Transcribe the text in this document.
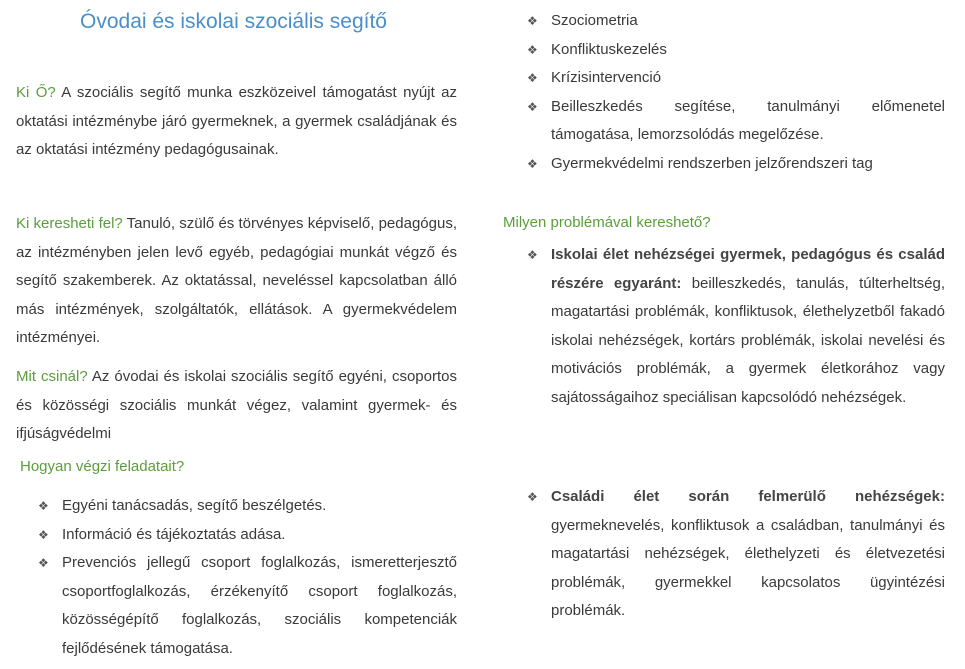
Óvodai és iskolai szociális segítő
Ki Ő? A szociális segítő munka eszközeivel támogatást nyújt az oktatási intézménybe járó gyermeknek, a gyermek családjának és az oktatási intézmény pedagógusainak.
Ki keresheti fel? Tanuló, szülő és törvényes képviselő, pedagógus, az intézményben jelen levő egyéb, pedagógiai munkát végző és segítő szakemberek. Az oktatással, neveléssel kapcsolatban álló más intézmények, szolgáltatók, ellátások. A gyermekvédelem intézményei.
Mit csinál? Az óvodai és iskolai szociális segítő egyéni, csoportos és közösségi szociális munkát végez, valamint gyermek- és ifjúságvédelmi
Hogyan végzi feladatait?
❖ Egyéni tanácsadás, segítő beszélgetés.
❖ Információ és tájékoztatás adása.
❖ Prevenciós jellegű csoport foglalkozás, ismeretterjesztő csoportfoglalkozás, érzékenyítő csoport foglalkozás, közösségépítő foglalkozás, szociális kompetenciák fejlődésének támogatása.
❖ Szociometria
❖ Konfliktuskezelés
❖ Krízisintervenció
❖ Beilleszkedés segítése, tanulmányi előmenetel támogatása, lemorzsolódás megelőzése.
❖ Gyermekvédelmi rendszerben jelzőrendszeri tag
Milyen problémával kereshető?
❖ Iskolai élet nehézségei gyermek, pedagógus és család részére egyaránt: beilleszkedés, tanulás, túlterheltség, magatartási problémák, konfliktusok, élethelyzetből fakadó iskolai nehézségek, kortárs problémák, iskolai nevelési és motivációs problémák, a gyermek életkorához vagy sajátosságaihoz speciálisan kapcsolódó nehézségek.
❖ Családi élet során felmerülő nehézségek: gyermeknevelés, konfliktusok a családban, tanulmányi és magatartási nehézségek, élethelyzeti és életvezetési problémák, gyermekkel kapcsolatos ügyintézési problémák.
